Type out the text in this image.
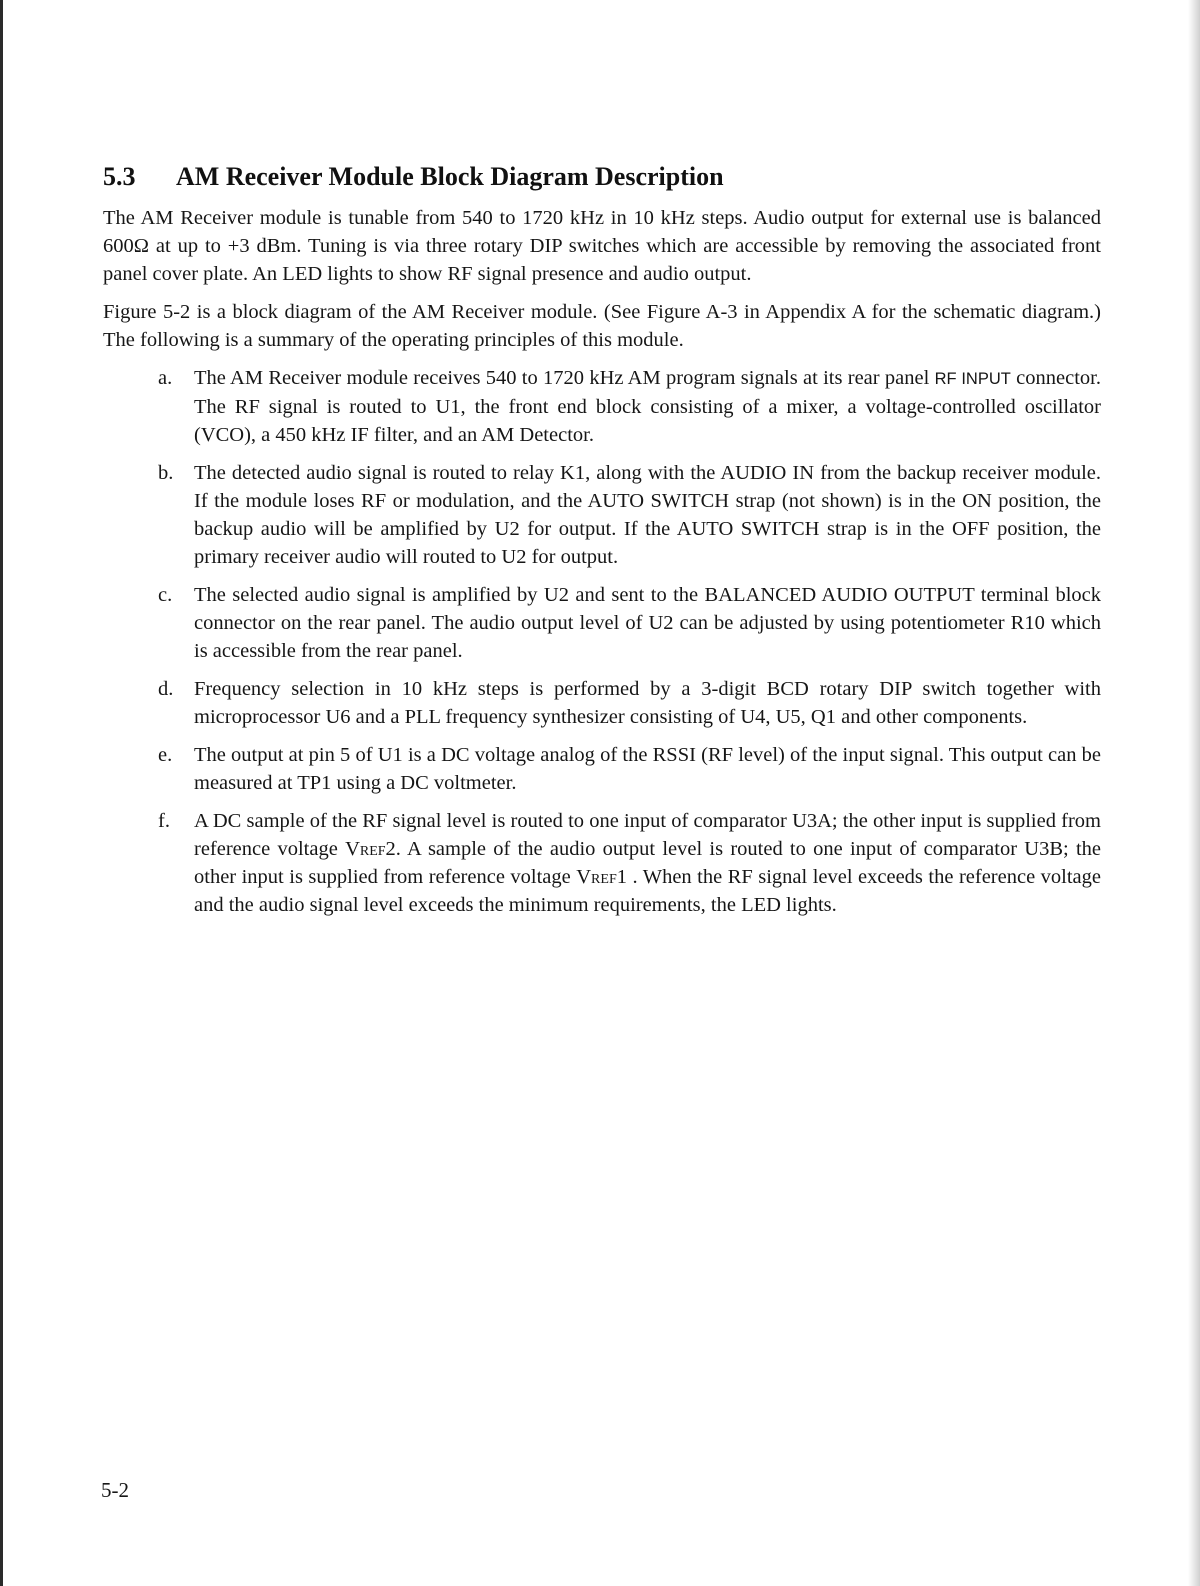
5.3 AM Receiver Module Block Diagram Description

The AM Receiver module is tunable from 540 to 1720 kHz in 10 kHz steps. Audio output for external use is balanced 600Ω at up to +3 dBm. Tuning is via three rotary DIP switches which are accessible by removing the associated front panel cover plate. An LED lights to show RF signal presence and audio output.

Figure 5-2 is a block diagram of the AM Receiver module. (See Figure A-3 in Appendix A for the schematic diagram.) The following is a summary of the operating principles of this module.

a. The AM Receiver module receives 540 to 1720 kHz AM program signals at its rear panel RF INPUT connector. The RF signal is routed to U1, the front end block consisting of a mixer, a voltage-controlled oscillator (VCO), a 450 kHz IF filter, and an AM Detector.
b. The detected audio signal is routed to relay K1, along with the AUDIO IN from the backup receiver module. If the module loses RF or modulation, and the AUTO SWITCH strap (not shown) is in the ON position, the backup audio will be amplified by U2 for output. If the AUTO SWITCH strap is in the OFF position, the primary receiver audio will routed to U2 for output.
c. The selected audio signal is amplified by U2 and sent to the BALANCED AUDIO OUTPUT terminal block connector on the rear panel. The audio output level of U2 can be adjusted by using potentiometer R10 which is accessible from the rear panel.
d. Frequency selection in 10 kHz steps is performed by a 3-digit BCD rotary DIP switch together with microprocessor U6 and a PLL frequency synthesizer consisting of U4, U5, Q1 and other components.
e. The output at pin 5 of U1 is a DC voltage analog of the RSSI (RF level) of the input signal. This output can be measured at TP1 using a DC voltmeter.
f. A DC sample of the RF signal level is routed to one input of comparator U3A; the other input is supplied from reference voltage Vref2. A sample of the audio output level is routed to one input of comparator U3B; the other input is supplied from reference voltage Vref1 . When the RF signal level exceeds the reference voltage and the audio signal level exceeds the minimum requirements, the LED lights.
5-2
